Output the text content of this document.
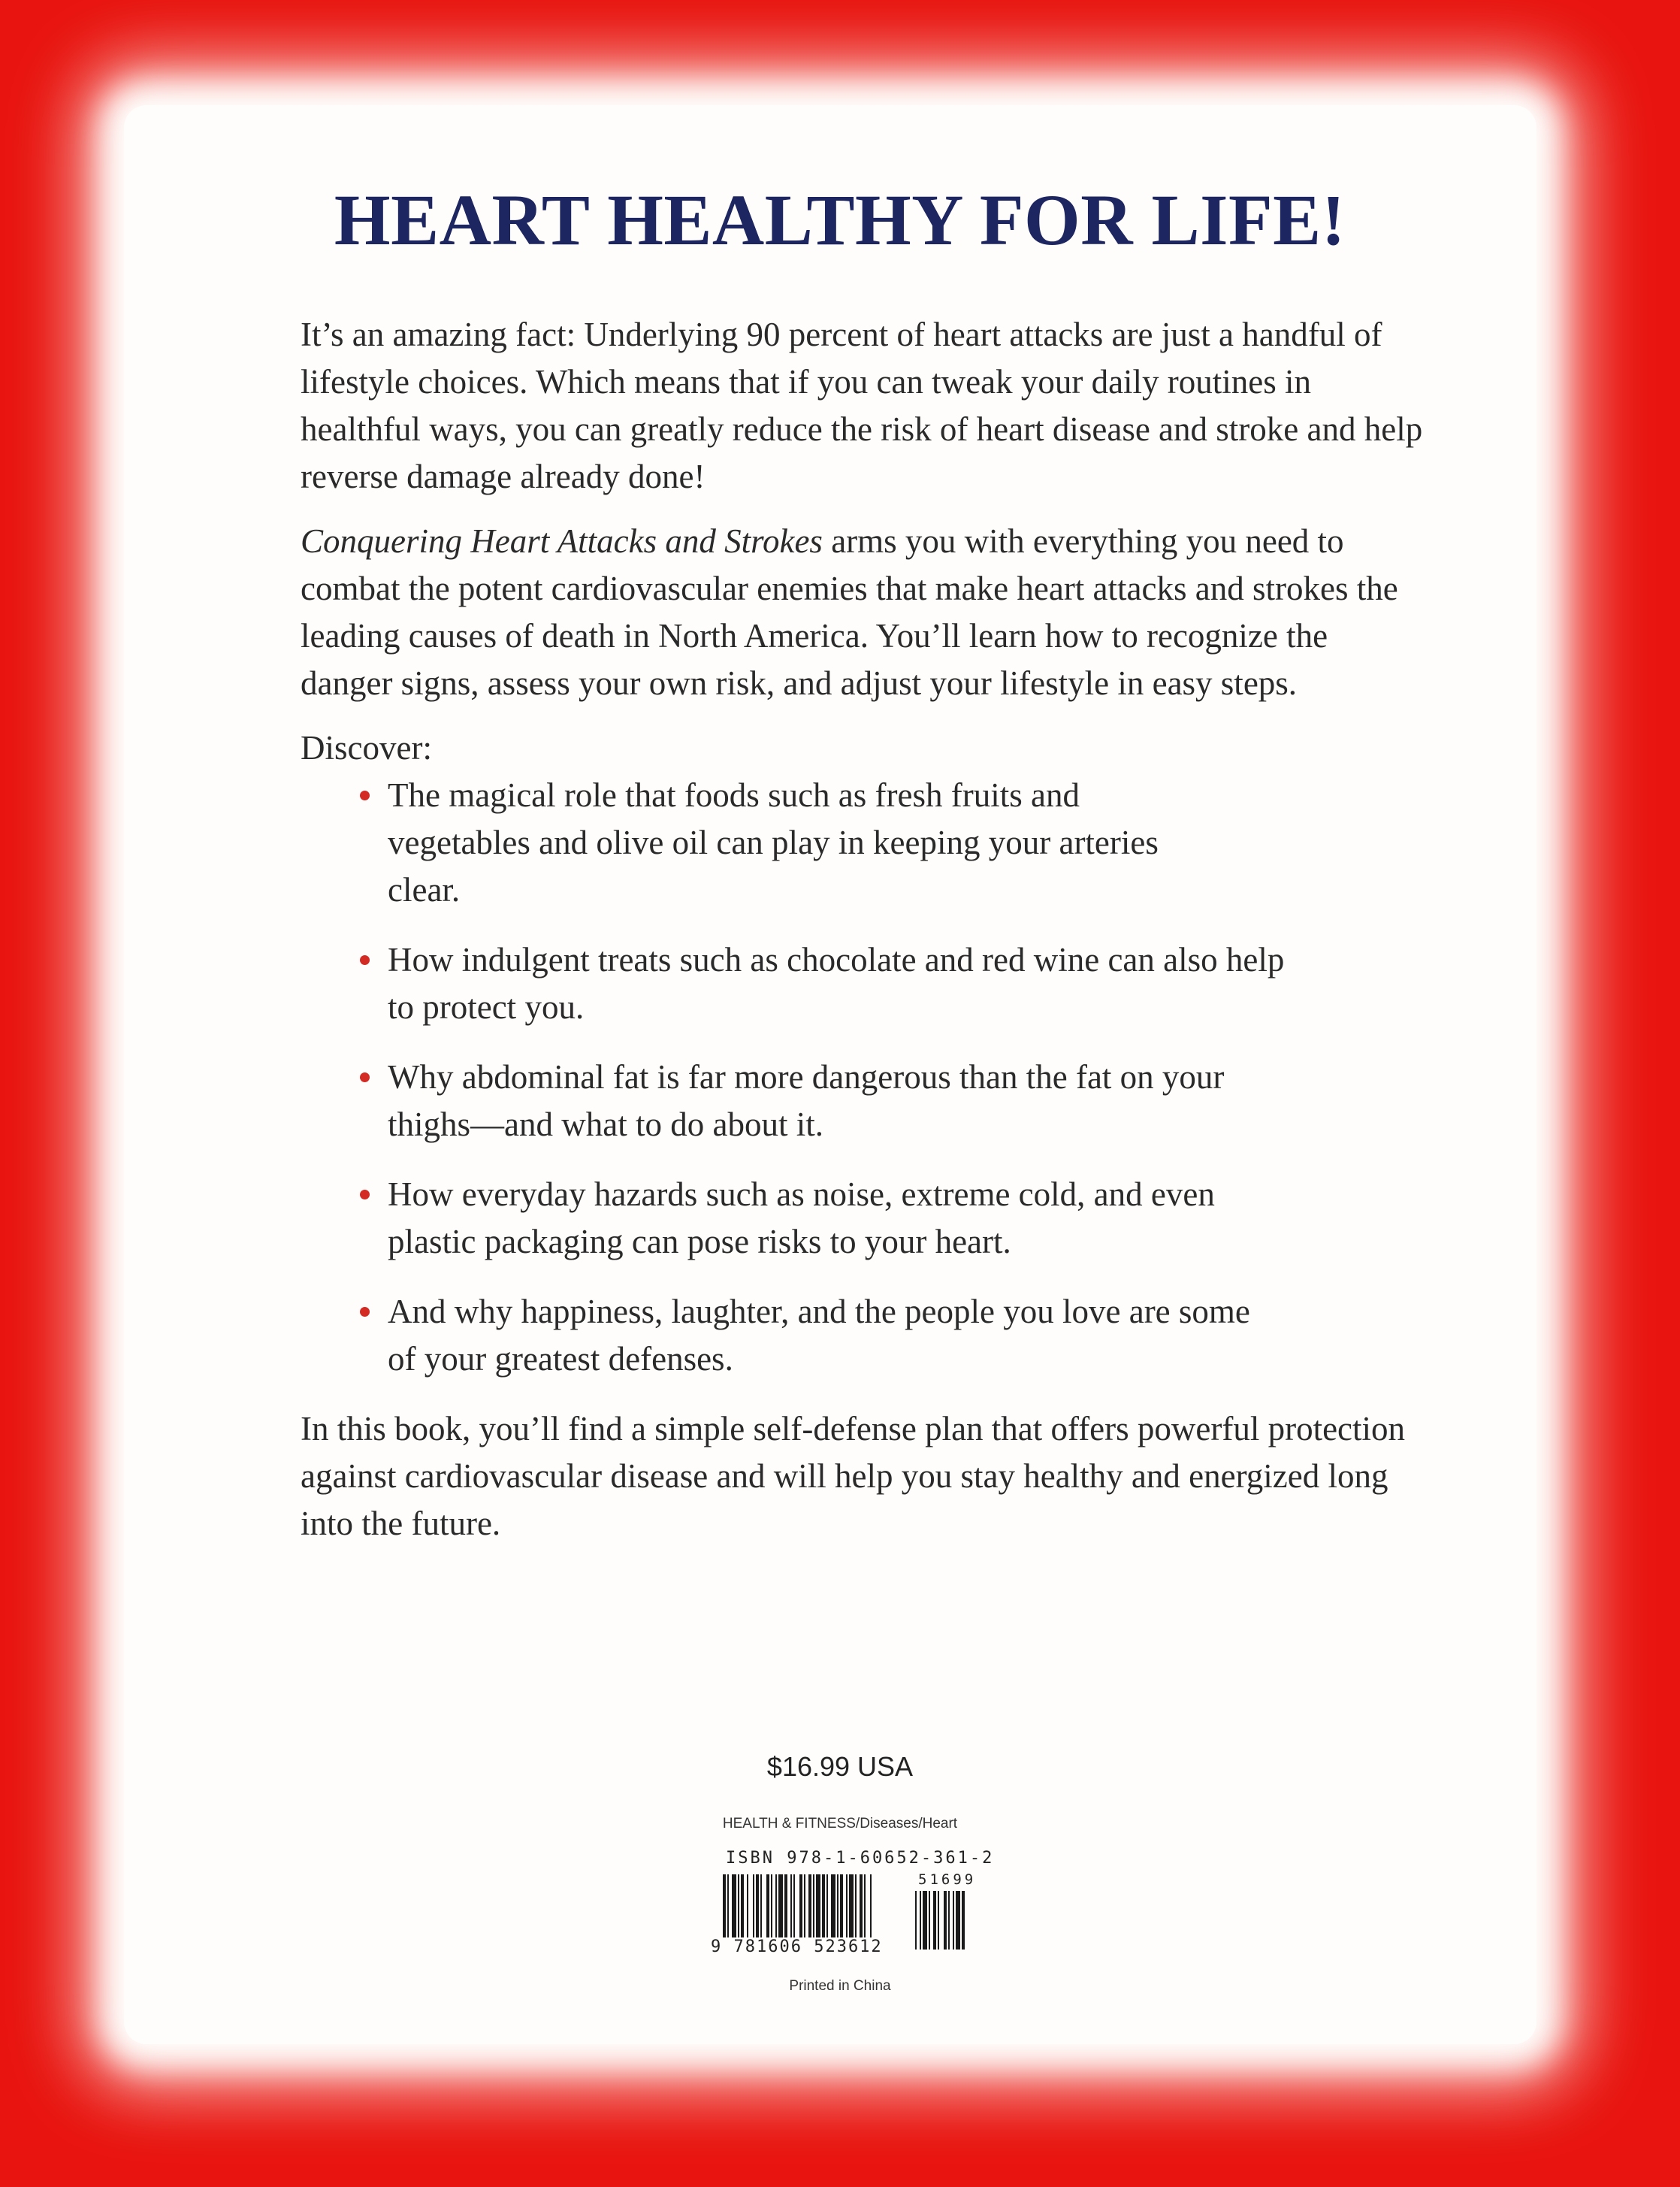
HEART HEALTHY FOR LIFE!

It’s an amazing fact: Underlying 90 percent of heart attacks are just a handful of lifestyle choices. Which means that if you can tweak your daily routines in healthful ways, you can greatly reduce the risk of heart disease and stroke and help reverse damage already done!

Conquering Heart Attacks and Strokes arms you with everything you need to combat the potent cardiovascular enemies that make heart attacks and strokes the leading causes of death in North America. You’ll learn how to recognize the danger signs, assess your own risk, and adjust your lifestyle in easy steps.

Discover:

The magical role that foods such as fresh fruits and vegetables and olive oil can play in keeping your arteries clear.
How indulgent treats such as chocolate and red wine can also help to protect you.
Why abdominal fat is far more dangerous than the fat on your thighs—and what to do about it.
How everyday hazards such as noise, extreme cold, and even plastic packaging can pose risks to your heart.
And why happiness, laughter, and the people you love are some of your greatest defenses.

In this book, you’ll find a simple self-defense plan that offers powerful protection against cardiovascular disease and will help you stay healthy and energized long into the future.

$16.99 USA
HEALTH & FITNESS/Diseases/Heart
ISBN 978-1-60652-361-2
51699
9 781606 523612
Printed in China
